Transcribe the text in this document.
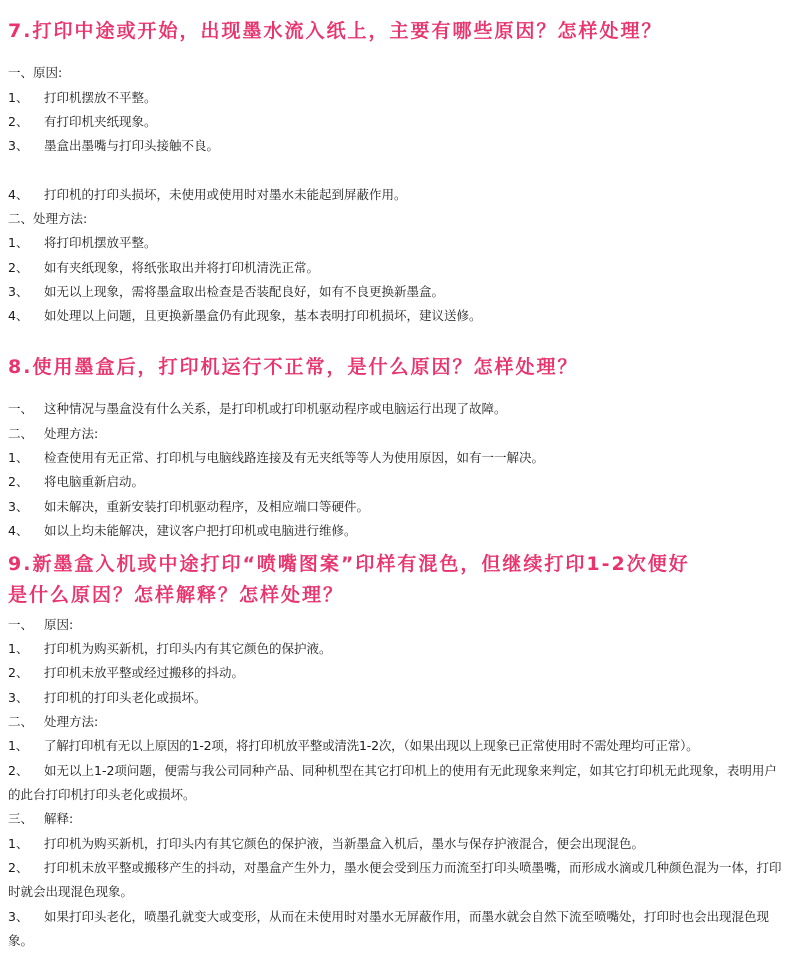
7.打印中途或开始，出现墨水流入纸上，主要有哪些原因？怎样处理？
一、原因:
1、 打印机摆放不平整。
2、 有打印机夹纸现象。
3、 墨盒出墨嘴与打印头接触不良。
4、 打印机的打印头损坏，未使用或使用时对墨水未能起到屏蔽作用。
二、处理方法:
1、 将打印机摆放平整。
2、 如有夹纸现象，将纸张取出并将打印机清洗正常。
3、 如无以上现象，需将墨盒取出检查是否装配良好，如有不良更换新墨盒。
4、 如处理以上问题，且更换新墨盒仍有此现象，基本表明打印机损坏，建议送修。
8.使用墨盒后，打印机运行不正常，是什么原因？怎样处理？
一、 这种情况与墨盒没有什么关系，是打印机或打印机驱动程序或电脑运行出现了故障。
二、 处理方法:
1、 检查使用有无正常、打印机与电脑线路连接及有无夹纸等等人为使用原因，如有一一解决。
2、 将电脑重新启动。
3、 如未解决，重新安装打印机驱动程序，及相应端口等硬件。
4、 如以上均未能解决，建议客户把打印机或电脑进行维修。
9.新墨盒入机或中途打印“喷嘴图案”印样有混色，但继续打印1-2次便好
是什么原因？怎样解释？怎样处理？
一、 原因:
1、 打印机为购买新机，打印头内有其它颜色的保护液。
2、 打印机未放平整或经过搬移的抖动。
3、 打印机的打印头老化或损坏。
二、 处理方法:
1、 了解打印机有无以上原因的1-2项，将打印机放平整或清洗1-2次，（如果出现以上现象已正常使用时不需处理均可正常）。
2、 如无以上1-2项问题，便需与我公司同种产品、同种机型在其它打印机上的使用有无此现象来判定，如其它打印机无此现象，表明用户的此台打印机打印头老化或损坏。
三、 解释:
1、 打印机为购买新机，打印头内有其它颜色的保护液，当新墨盒入机后，墨水与保存护液混合，便会出现混色。
2、 打印机未放平整或搬移产生的抖动，对墨盒产生外力，墨水便会受到压力而流至打印头喷墨嘴，而形成水滴或几种颜色混为一体，打印时就会出现混色现象。
3、 如果打印头老化，喷墨孔就变大或变形，从而在未使用时对墨水无屏蔽作用，而墨水就会自然下流至喷嘴处，打印时也会出现混色现象。
